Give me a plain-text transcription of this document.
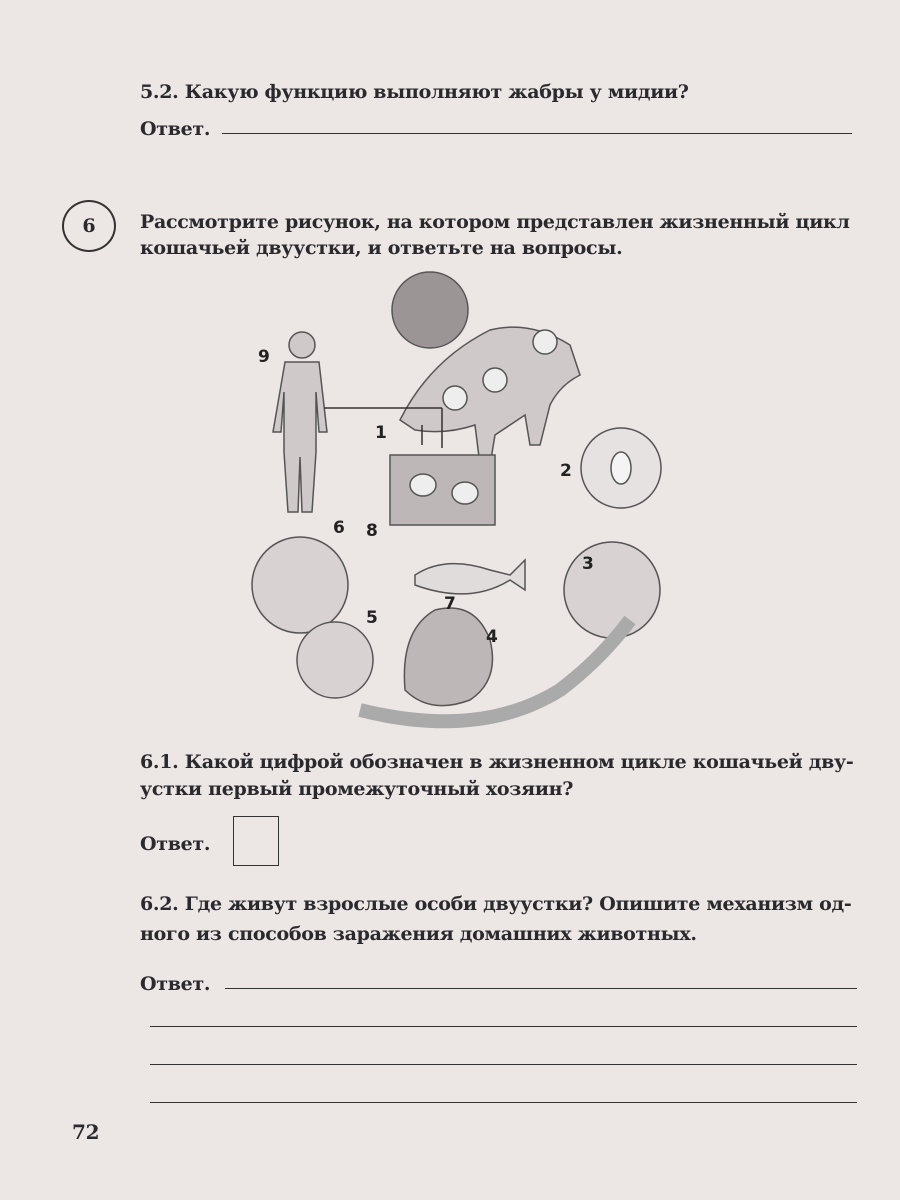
5.2. Какую функцию выполняют жабры у мидии?
Ответ.
6 Рассмотрите рисунок, на котором представлен жизненный цикл
кошачьей двуустки, и ответьте на вопросы.
9
1
8
2
6
3
7
5
4
6.1. Какой цифрой обозначен в жизненном цикле кошачьей дву-
устки первый промежуточный хозяин?
Ответ.
6.2. Где живут взрослые особи двуустки? Опишите механизм од-
ного из способов заражения домашних животных.
Ответ.
72
